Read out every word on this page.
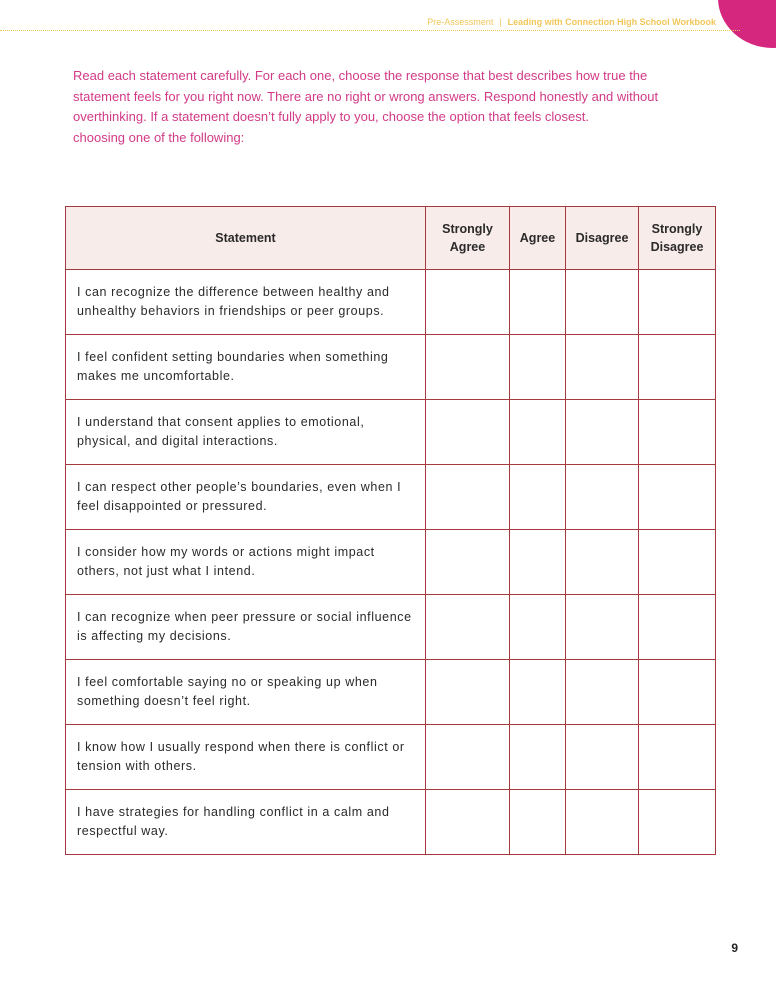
Pre-Assessment | Leading with Connection High School Workbook

Read each statement carefully. For each one, choose the response that best describes how true the

statement feels for you right now. There are no right or wrong answers. Respond honestly and without

overthinking. If a statement doesn’t fully apply to you, choose the option that feels closest.

choosing one of the following:

Statement	Strongly Agree	Agree	Disagree	Strongly Disagree
I can recognize the difference between healthy and unhealthy behaviors in friendships or peer groups.				
I feel confident setting boundaries when something makes me uncomfortable.				
I understand that consent applies to emotional, physical, and digital interactions.				
I can respect other people’s boundaries, even when I feel disappointed or pressured.				
I consider how my words or actions might impact others, not just what I intend.				
I can recognize when peer pressure or social influence is affecting my decisions.				
I feel comfortable saying no or speaking up when something doesn’t feel right.				
I know how I usually respond when there is conflict or tension with others.				
I have strategies for handling conflict in a calm and respectful way.				
9
